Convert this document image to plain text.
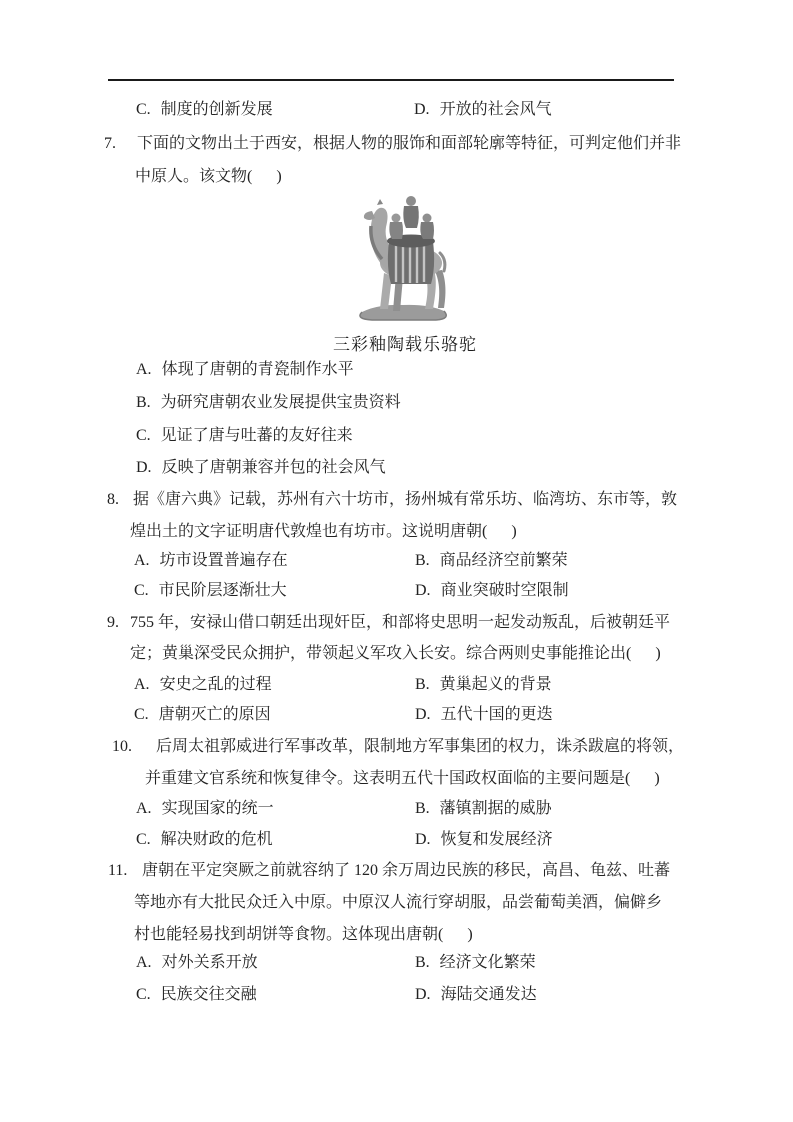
C. 制度的创新发展	D. 开放的社会风气
7. 下面的文物出土于西安，根据人物的服饰和面部轮廓等特征，可判定他们并非
中原人。该文物(      )
三彩釉陶载乐骆驼
A. 体现了唐朝的青瓷制作水平
B. 为研究唐朝农业发展提供宝贵资料
C. 见证了唐与吐蕃的友好往来
D. 反映了唐朝兼容并包的社会风气
8. 据《唐六典》记载，苏州有六十坊市，扬州城有常乐坊、临湾坊、东市等，敦
煌出土的文字证明唐代敦煌也有坊市。这说明唐朝(      )
A. 坊市设置普遍存在	B. 商品经济空前繁荣
C. 市民阶层逐渐壮大	D. 商业突破时空限制
9. 755 年，安禄山借口朝廷出现奸臣，和部将史思明一起发动叛乱，后被朝廷平
定；黄巢深受民众拥护，带领起义军攻入长安。综合两则史事能推论出(      )
A. 安史之乱的过程	B. 黄巢起义的背景
C. 唐朝灭亡的原因	D. 五代十国的更迭
10. 后周太祖郭威进行军事改革，限制地方军事集团的权力，诛杀跋扈的将领，
并重建文官系统和恢复律令。这表明五代十国政权面临的主要问题是(      )
A. 实现国家的统一	B. 藩镇割据的威胁
C. 解决财政的危机	D. 恢复和发展经济
11. 唐朝在平定突厥之前就容纳了 120 余万周边民族的移民，高昌、龟兹、吐蕃
等地亦有大批民众迁入中原。中原汉人流行穿胡服，品尝葡萄美酒，偏僻乡
村也能轻易找到胡饼等食物。这体现出唐朝(      )
A. 对外关系开放	B. 经济文化繁荣
C. 民族交往交融	D. 海陆交通发达
